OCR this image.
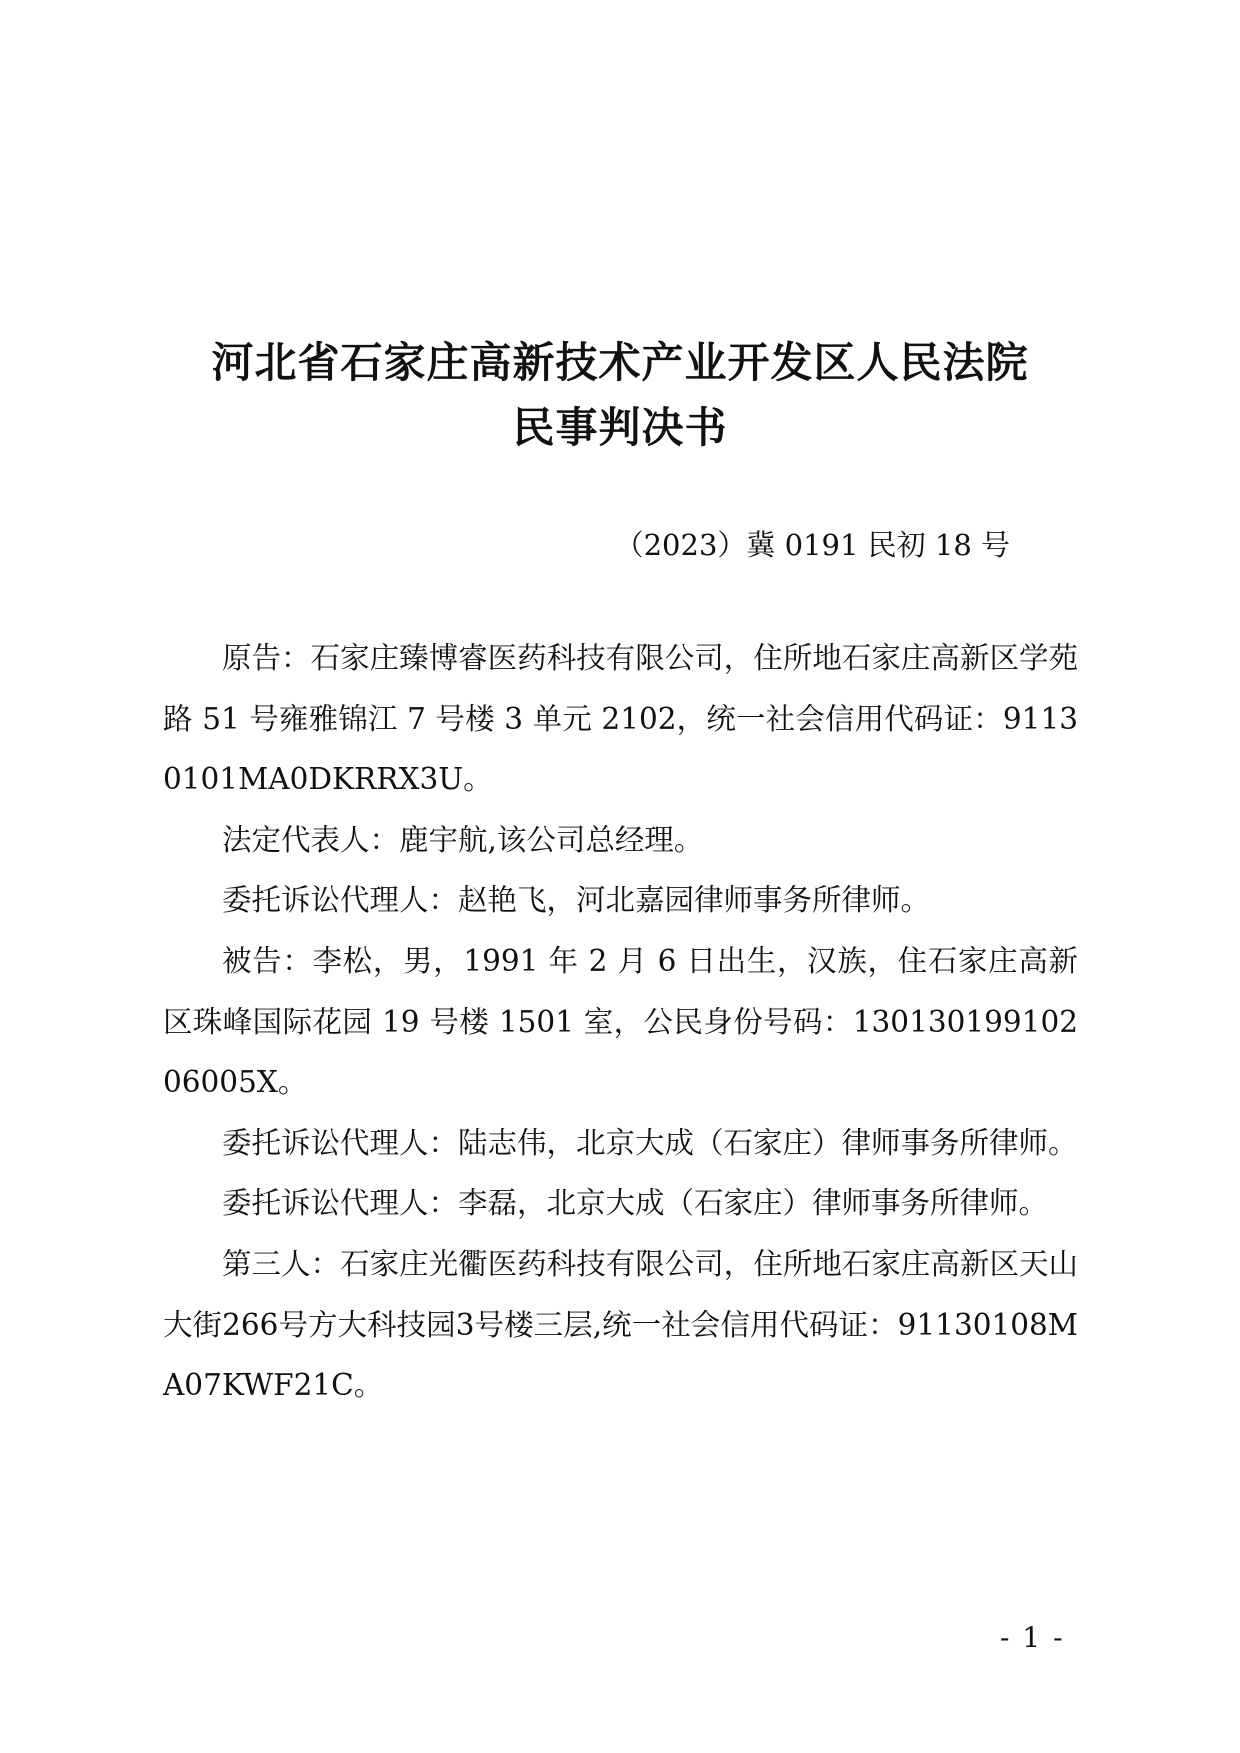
河北省石家庄高新技术产业开发区人民法院
民事判决书

（2023）冀 0191 民初 18 号

原告：石家庄臻博睿医药科技有限公司，住所地石家庄高新区学苑路 51 号雍雅锦江 7 号楼 3 单元 2102，统一社会信用代码证：91130101MA0DKRRX3U。

法定代表人：鹿宇航,该公司总经理。

委托诉讼代理人：赵艳飞，河北嘉园律师事务所律师。

被告：李松，男，1991 年 2 月 6 日出生，汉族，住石家庄高新区珠峰国际花园 19 号楼 1501 室，公民身份号码：13013019910206005X。

委托诉讼代理人：陆志伟，北京大成（石家庄）律师事务所律师。

委托诉讼代理人：李磊，北京大成（石家庄）律师事务所律师。

第三人：石家庄光衢医药科技有限公司，住所地石家庄高新区天山大街266号方大科技园3号楼三层,统一社会信用代码证：91130108MA07KWF21C。

- 1 -
